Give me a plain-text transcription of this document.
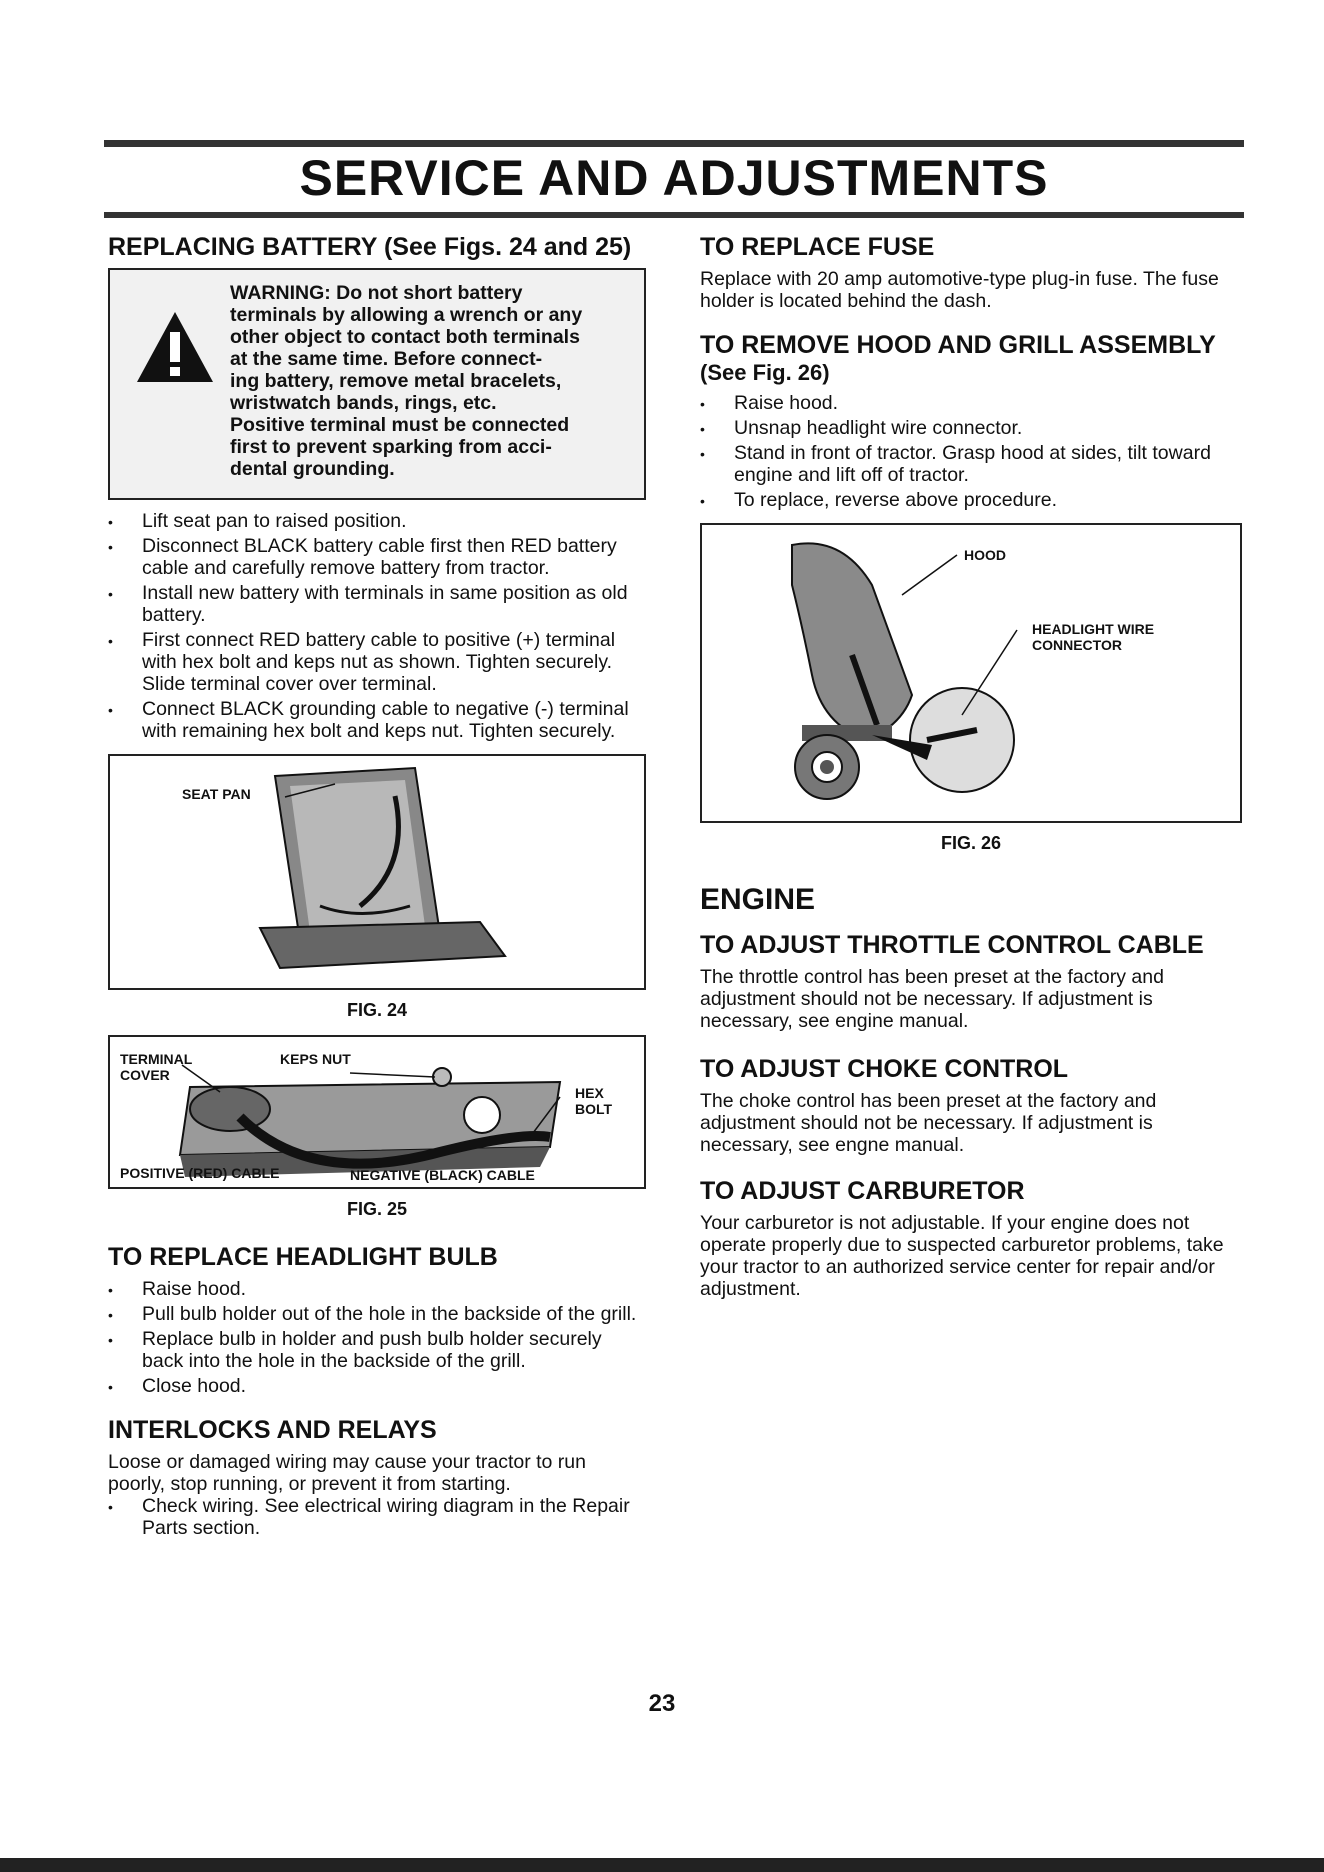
SERVICE AND ADJUSTMENTS
REPLACING BATTERY (See Figs. 24 and 25)
WARNING: Do not short battery
terminals by allowing a wrench or any
other object to contact both terminals
at the same time. Before connect-
ing battery, remove metal bracelets,
wristwatch bands, rings, etc.
Positive terminal must be connected
first to prevent sparking from acci-
dental grounding.
• Lift seat pan to raised position.
• Disconnect BLACK battery cable first then RED battery cable and carefully remove battery from tractor.
• Install new battery with terminals in same position as old battery.
• First connect RED battery cable to positive (+) terminal with hex bolt and keps nut as shown. Tighten securely. Slide terminal cover over terminal.
• Connect BLACK grounding cable to negative (-) terminal with remaining hex bolt and keps nut. Tighten securely.
SEAT PAN
FIG. 24
TERMINAL
COVER
KEPS NUT
HEX
BOLT
POSITIVE (RED) CABLE	NEGATIVE (BLACK) CABLE
FIG. 25
TO REPLACE HEADLIGHT BULB
• Raise hood.
• Pull bulb holder out of the hole in the backside of the grill.
• Replace bulb in holder and push bulb holder securely back into the hole in the backside of the grill.
• Close hood.
INTERLOCKS AND RELAYS

Loose or damaged wiring may cause your tractor to run poorly, stop running, or prevent it from starting.

• Check wiring. See electrical wiring diagram in the Repair Parts section.
TO REPLACE FUSE

Replace with 20 amp automotive-type plug-in fuse. The fuse holder is located behind the dash.

TO REMOVE HOOD AND GRILL ASSEMBLY
(See Fig. 26)
• Raise hood.
• Unsnap headlight wire connector.
• Stand in front of tractor. Grasp hood at sides, tilt toward engine and lift off of tractor.
• To replace, reverse above procedure.
HOOD
HEADLIGHT WIRE
CONNECTOR
FIG. 26
ENGINE
TO ADJUST THROTTLE CONTROL CABLE

The throttle control has been preset at the factory and adjustment should not be necessary. If adjustment is necessary, see engine manual.

TO ADJUST CHOKE CONTROL

The choke control has been preset at the factory and adjustment should not be necessary. If adjustment is necessary, see engne manual.

TO ADJUST CARBURETOR

Your carburetor is not adjustable. If your engine does not operate properly due to suspected carburetor problems, take your tractor to an authorized service center for repair and/or adjustment.

23
